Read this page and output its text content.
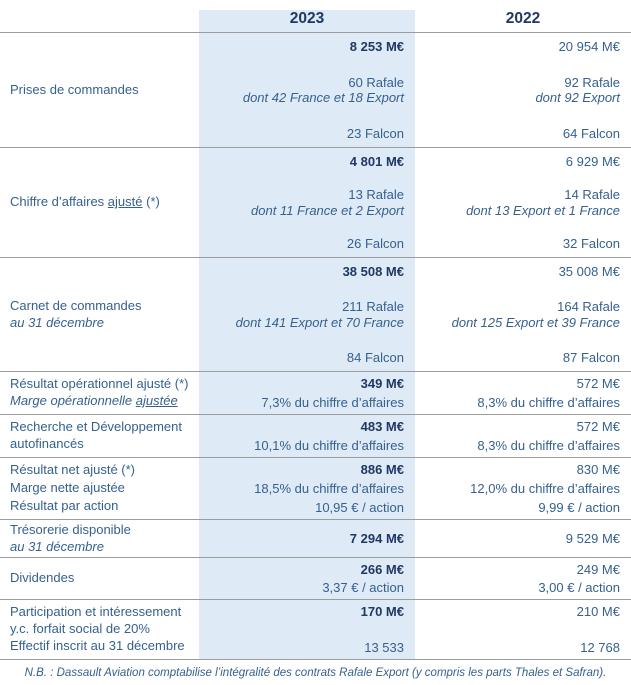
2023	2022
Prises de commandes
8 253 M€
60 Rafale
dont 42 France et 18 Export
23 Falcon
20 954 M€
92 Rafale
dont 92 Export
64 Falcon
Chiffre d’affaires ajusté (*)
4 801 M€
13 Rafale
dont 11 France et 2 Export
26 Falcon
6 929 M€
14 Rafale
dont 13 Export et 1 France
32 Falcon
Carnet de commandes
au 31 décembre
38 508 M€
211 Rafale
dont 141 Export et 70 France
84 Falcon
35 008 M€
164 Rafale
dont 125 Export et 39 France
87 Falcon
Résultat opérationnel ajusté (*)
Marge opérationnelle ajustée
349 M€
7,3% du chiffre d’affaires
572 M€
8,3% du chiffre d’affaires
Recherche et Développement
autofinancés
483 M€
10,1% du chiffre d’affaires
572 M€
8,3% du chiffre d’affaires
Résultat net ajusté (*)
Marge nette ajustée
Résultat par action
886 M€
18,5% du chiffre d’affaires
10,95 € / action
830 M€
12,0% du chiffre d’affaires
9,99 € / action
Trésorerie disponible
au 31 décembre
7 294 M€	9 529 M€
Dividendes
266 M€
3,37 € / action
249 M€
3,00 € / action
Participation et intéressement
y.c. forfait social de 20%
Effectif inscrit au 31 décembre
170 M€
13 533
210 M€
12 768
N.B. : Dassault Aviation comptabilise l’intégralité des contrats Rafale Export (y compris les parts Thales et Safran).
